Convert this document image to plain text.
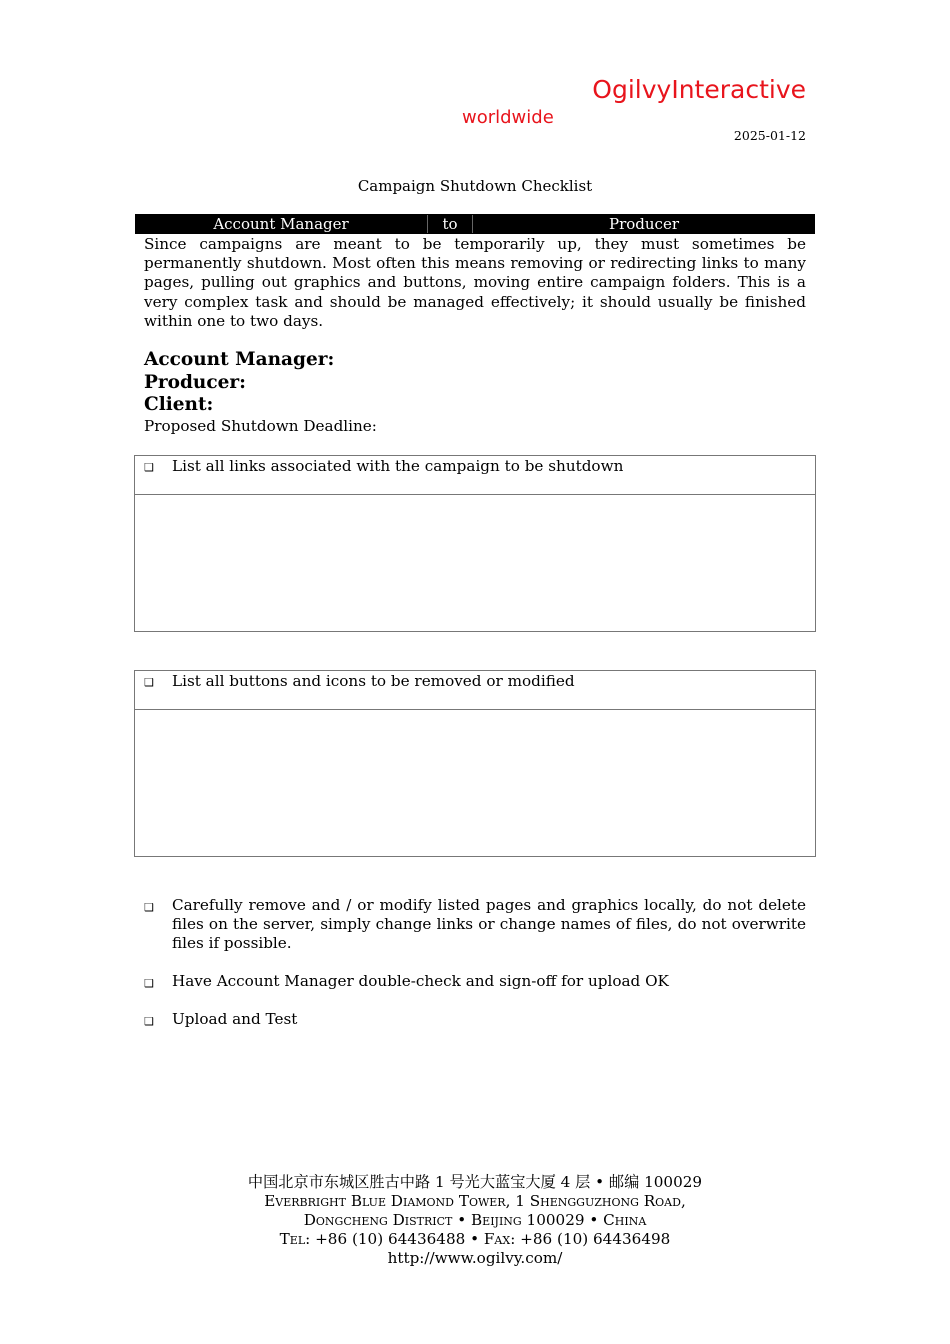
OgilvyInteractive
worldwide
2025-01-12
Campaign Shutdown Checklist
Account Manager	to	Producer
Since campaigns are meant to be temporarily up, they must sometimes be permanently shutdown. Most often this means removing or redirecting links to many pages, pulling out graphics and buttons, moving entire campaign folders. This is a very complex task and should be managed effectively; it should usually be finished within one to two days.
Account Manager:
Producer:
Client:
Proposed Shutdown Deadline:
❑ List all links associated with the campaign to be shutdown
❑ List all buttons and icons to be removed or modified
❑ Carefully remove and / or modify listed pages and graphics locally, do not delete files on the server, simply change links or change names of files, do not overwrite files if possible.
❑ Have Account Manager double-check and sign-off for upload OK
❑ Upload and Test
中国北京市东城区胜古中路 1 号光大蓝宝大厦 4 层 • 邮编 100029
Everbright Blue Diamond Tower, 1 Shengguzhong Road,
Dongcheng District • Beijing 100029 • China
Tel: +86 (10) 64436488 • Fax: +86 (10) 64436498
http://www.ogilvy.com/
